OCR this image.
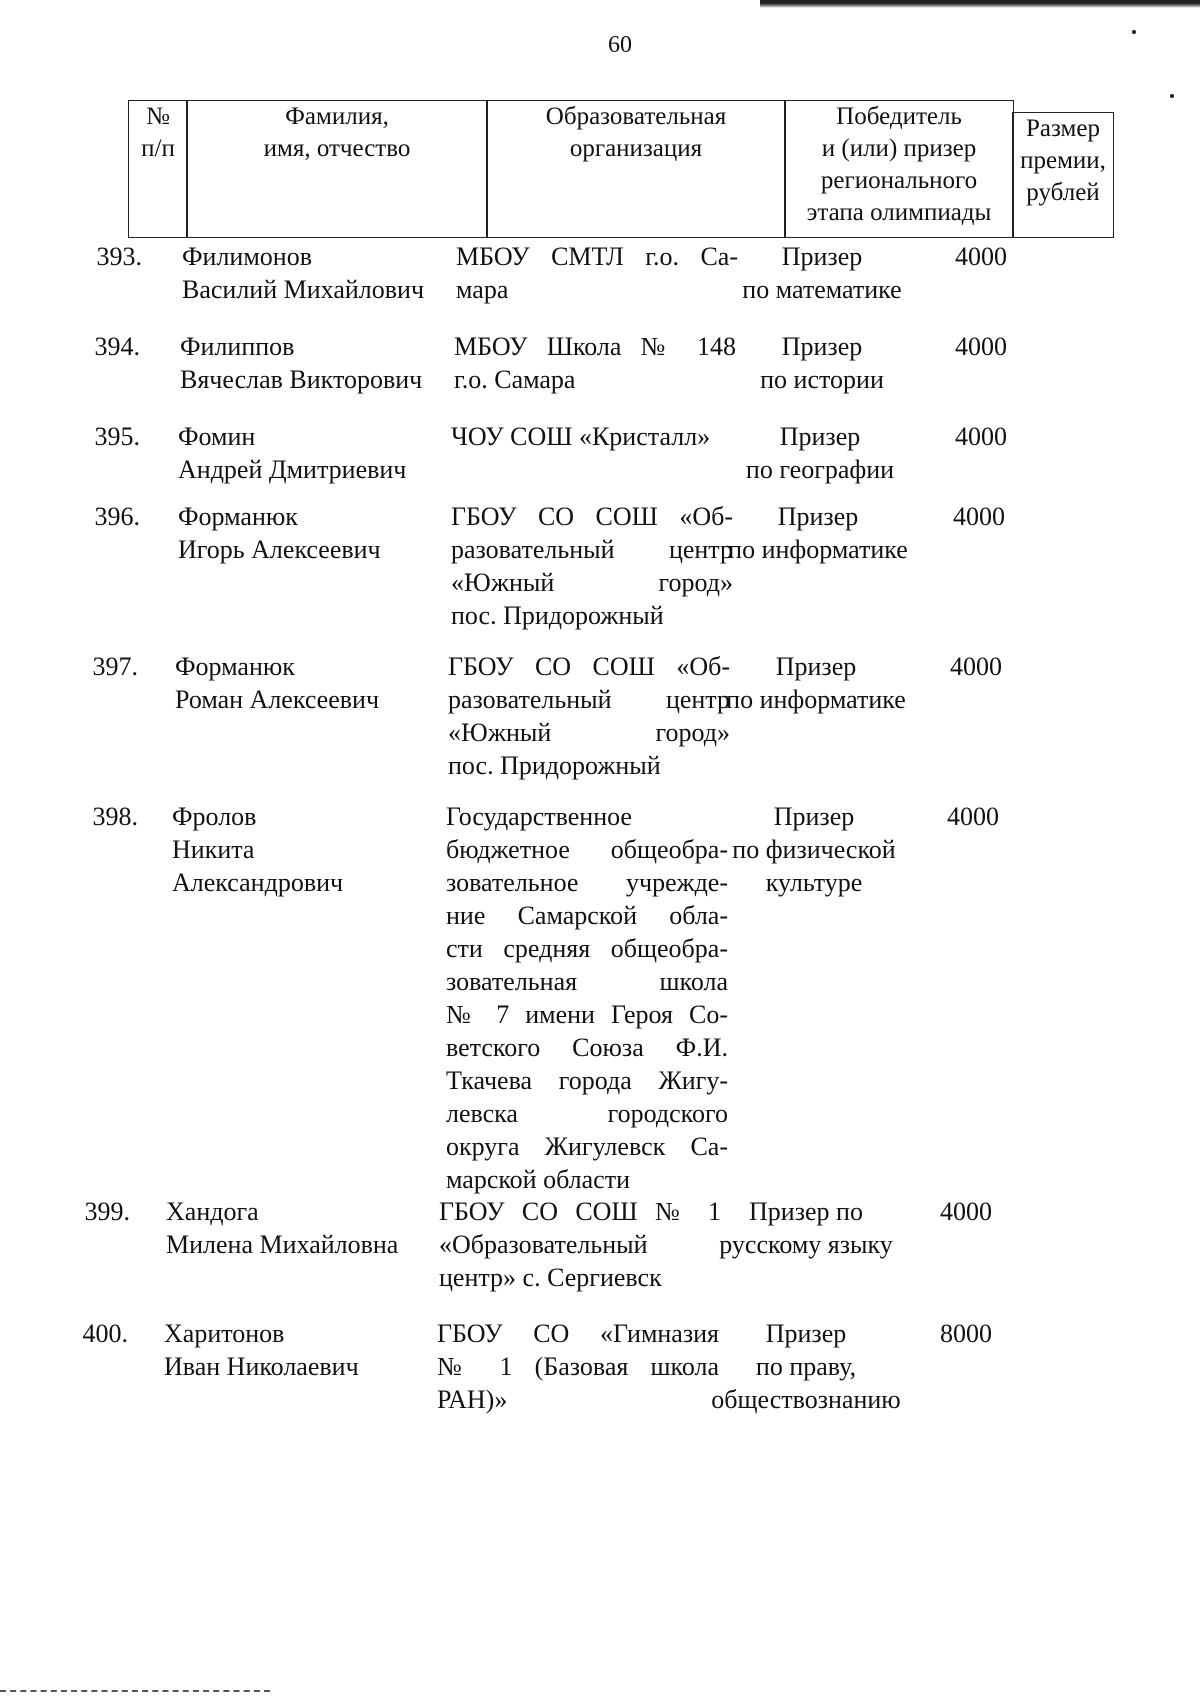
60
№
п/п
Фамилия,
имя, отчество
Образовательная
организация
Победитель
и (или) призер
регионального
этапа олимпиады
Размер
премии,
рублей
393. Филимонов
Василий Михайлович
МБОУ СМТЛ г.о. Са-
мара
Призер
по математике
4000
394. Филиппов
Вячеслав Викторович
МБОУ Школа № 148
г.о. Самара
Призер
по истории
4000
395. Фомин
Андрей Дмитриевич
ЧОУ СОШ «Кристалл»	Призер
по географии
4000
396. Форманюк
Игорь Алексеевич
ГБОУ СО СОШ «Об-
разовательный центр
«Южный город»
пос. Придорожный
Призер
по информатике
4000
397. Форманюк
Роман Алексеевич
ГБОУ СО СОШ «Об-
разовательный центр
«Южный город»
пос. Придорожный
Призер
по информатике
4000
398. Фролов
Никита
Александрович
Государственное
бюджетное общеобра-
зовательное учрежде-
ние Самарской обла-
сти средняя общеобра-
зовательная школа
№ 7 имени Героя Со-
ветского Союза Ф.И.
Ткачева города Жигу-
левска городского
округа Жигулевск Са-
марской области
Призер
по физической
культуре
4000
399. Хандога
Милена Михайловна
ГБОУ СО СОШ № 1
«Образовательный
центр» с. Сергиевск
Призер по
русскому языку
4000
400. Харитонов
Иван Николаевич
ГБОУ СО «Гимназия
№ 1 (Базовая школа
РАН)»
Призер
по праву,
обществознанию
8000
